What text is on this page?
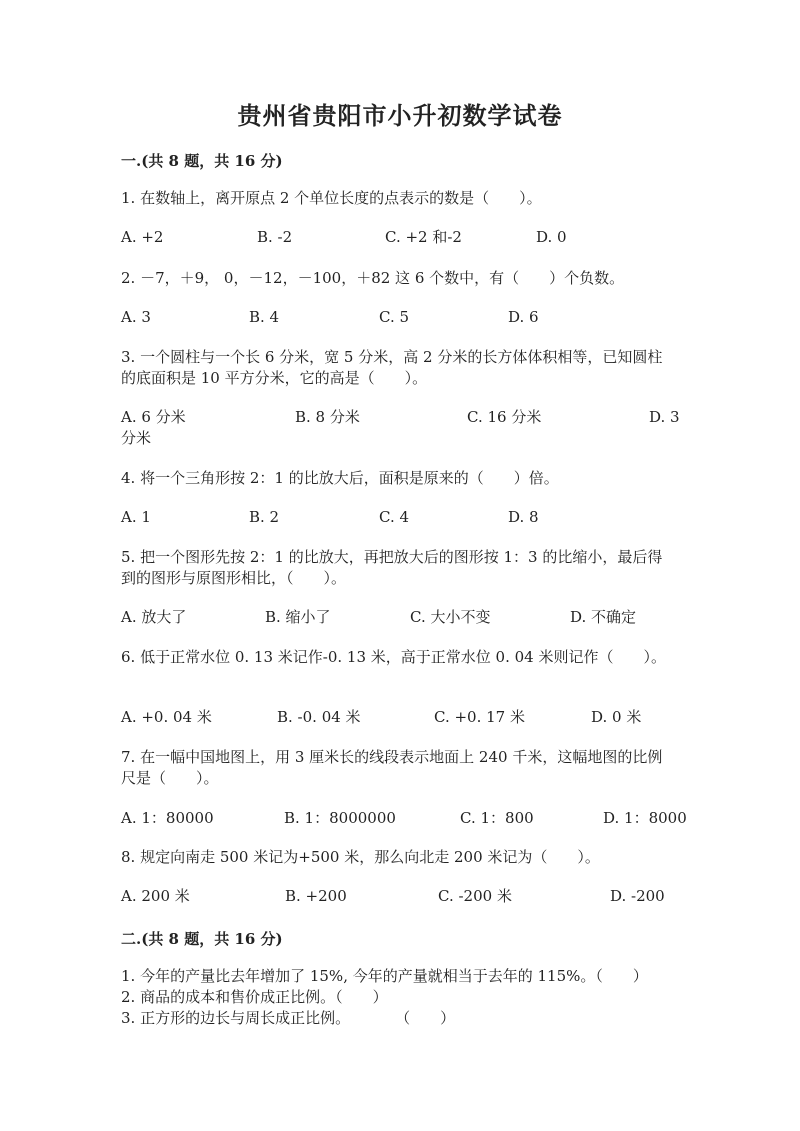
贵州省贵阳市小升初数学试卷
一.(共 8 题，共 16 分)
1. 在数轴上，离开原点 2 个单位长度的点表示的数是（　　）。
A. +2	B. -2	C. +2 和-2	D. 0
2. －7，＋9， 0，－12，－100，＋82 这 6 个数中，有（　　）个负数。
A. 3	B. 4	C. 5	D. 6
3. 一个圆柱与一个长 6 分米，宽 5 分米，高 2 分米的长方体体积相等，已知圆柱的底面积是 10 平方分米，它的高是（　　）。
A. 6 分米	B. 8 分米	C. 16 分米	D. 3
分米
4. 将一个三角形按 2：1 的比放大后，面积是原来的（　　）倍。
A. 1	B. 2	C. 4	D. 8
5. 把一个图形先按 2：1 的比放大，再把放大后的图形按 1：3 的比缩小，最后得到的图形与原图形相比，（　　）。
A. 放大了	B. 缩小了	C. 大小不变	D. 不确定
6. 低于正常水位 0. 13 米记作-0. 13 米，高于正常水位 0. 04 米则记作（　　）。
A. +0. 04 米	B. -0. 04 米	C. +0. 17 米	D. 0 米
7. 在一幅中国地图上，用 3 厘米长的线段表示地面上 240 千米，这幅地图的比例尺是（　　）。
A. 1：80000	B. 1：8000000	C. 1：800	D. 1：8000
8. 规定向南走 500 米记为+500 米，那么向北走 200 米记为（　　）。
A. 200 米	B. +200	C. -200 米	D. -200
二.(共 8 题，共 16 分)
1. 今年的产量比去年增加了 15%, 今年的产量就相当于去年的 115%。（　　）
2. 商品的成本和售价成正比例。（　　）
3. 正方形的边长与周长成正比例。　　　　（　　）
